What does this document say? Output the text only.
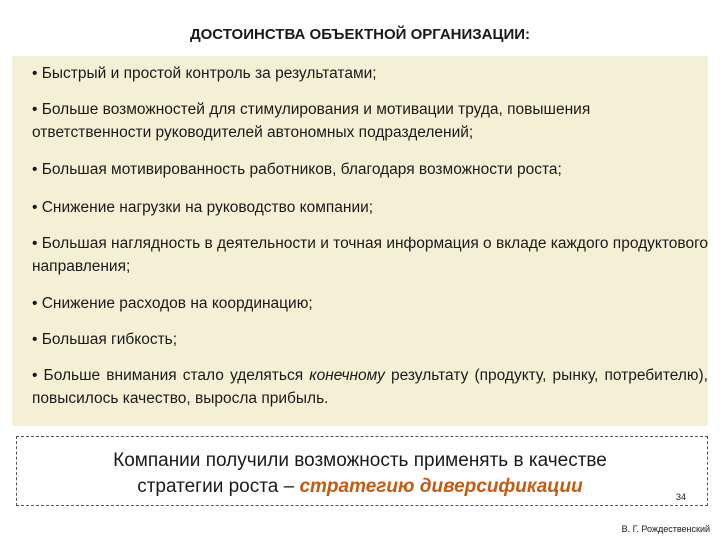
ДОСТОИНСТВА ОБЪЕКТНОЙ ОРГАНИЗАЦИИ:
• Быстрый и простой контроль за результатами;
• Больше возможностей для стимулирования и мотивации труда, повышения ответственности руководителей автономных подразделений;
• Большая мотивированность работников, благодаря возможности роста;
• Снижение нагрузки на руководство компании;
• Большая наглядность в деятельности и точная информация о вкладе каждого продуктового направления;
• Снижение расходов на координацию;
• Большая гибкость;
• Больше внимания стало уделяться конечному результату (продукту, рынку, потребителю), повысилось качество, выросла прибыль.
Компании получили возможность применять в качестве
стратегии роста – стратегию диверсификации	34
В. Г. Рождественский
